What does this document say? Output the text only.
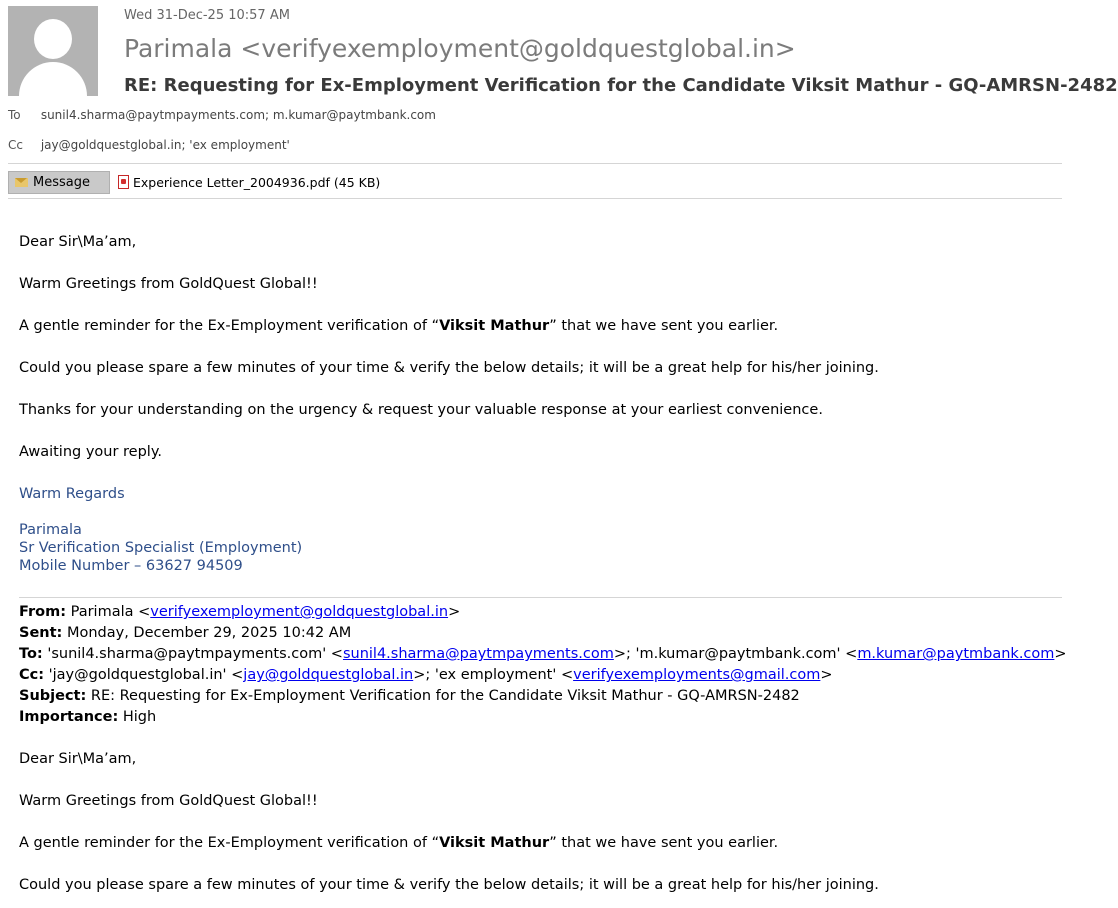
Wed 31-Dec-25 10:57 AM
Parimala <verifyexemployment@goldquestglobal.in>
RE: Requesting for Ex-Employment Verification for the Candidate Viksit Mathur - GQ-AMRSN-2482
To sunil4.sharma@paytmpayments.com; m.kumar@paytmbank.com
Cc jay@goldquestglobal.in; 'ex employment'
Message	Experience Letter_2004936.pdf (45 KB)
Dear Sir\Ma’am,
Warm Greetings from GoldQuest Global!!
A gentle reminder for the Ex-Employment verification of “Viksit Mathur” that we have sent you earlier.
Could you please spare a few minutes of your time & verify the below details; it will be a great help for his/her joining.
Thanks for your understanding on the urgency & request your valuable response at your earliest convenience.
Awaiting your reply.
Warm Regards
Parimala
Sr Verification Specialist (Employment)
Mobile Number – 63627 94509
From: Parimala <verifyexemployment@goldquestglobal.in>
Sent: Monday, December 29, 2025 10:42 AM
To: 'sunil4.sharma@paytmpayments.com' <sunil4.sharma@paytmpayments.com>; 'm.kumar@paytmbank.com' <m.kumar@paytmbank.com>
Cc: 'jay@goldquestglobal.in' <jay@goldquestglobal.in>; 'ex employment' <verifyexemployments@gmail.com>
Subject: RE: Requesting for Ex-Employment Verification for the Candidate Viksit Mathur - GQ-AMRSN-2482
Importance: High
Dear Sir\Ma’am,
Warm Greetings from GoldQuest Global!!
A gentle reminder for the Ex-Employment verification of “Viksit Mathur” that we have sent you earlier.
Could you please spare a few minutes of your time & verify the below details; it will be a great help for his/her joining.
